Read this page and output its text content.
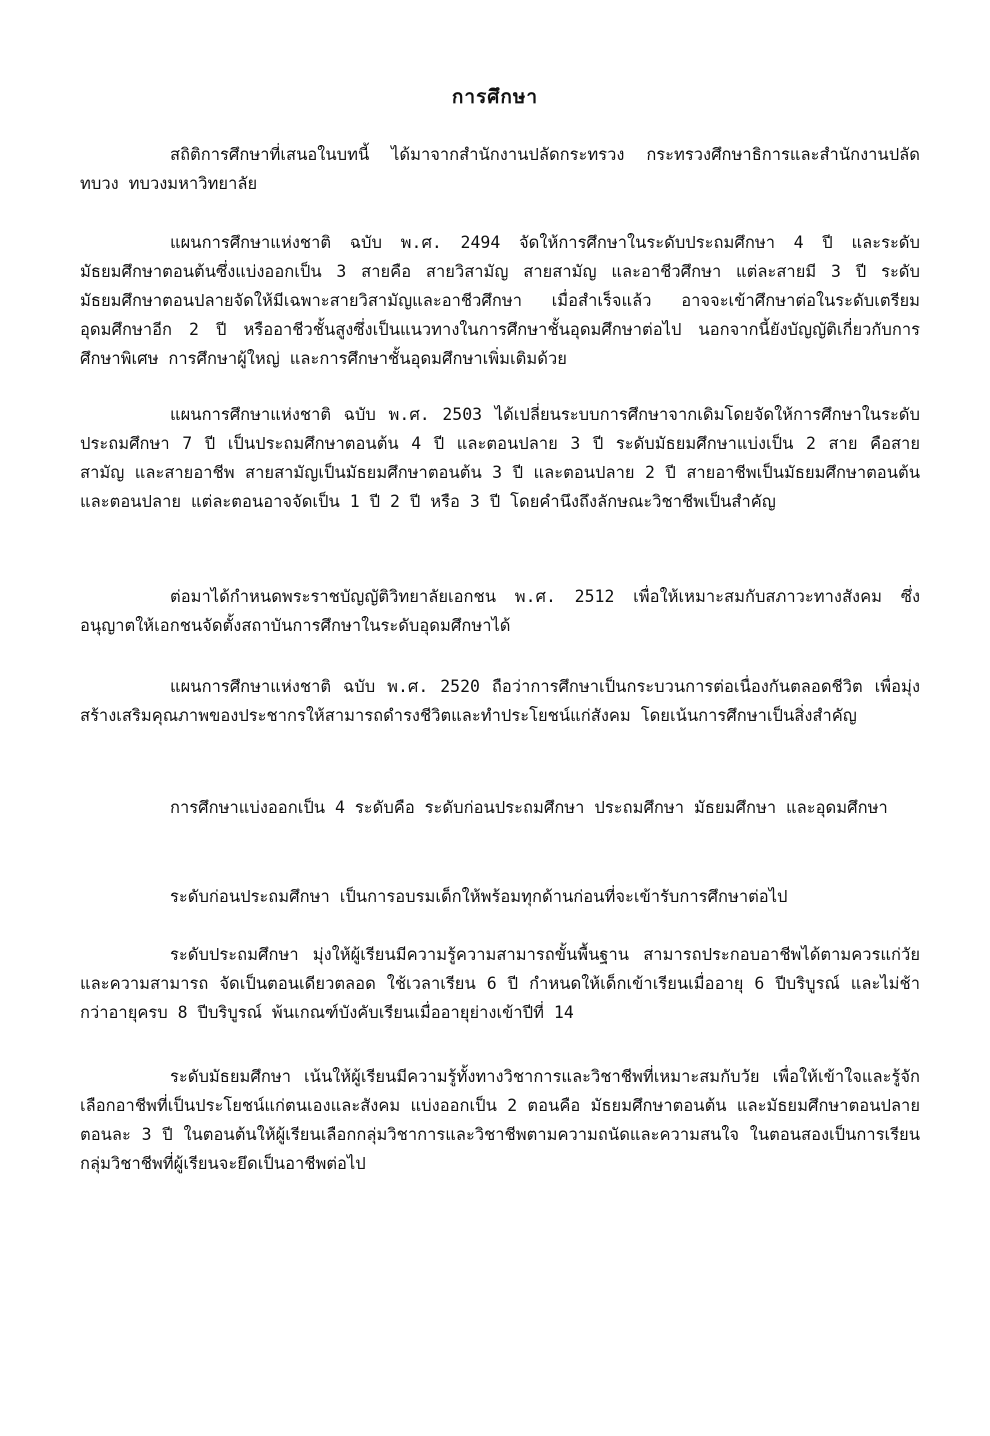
การศึกษา

สถิติการศึกษาที่เสนอในบทนี้ ได้มาจากสำนักงานปลัดกระทรวง กระทรวงศึกษาธิการและสำนักงานปลัดทบวง ทบวงมหาวิทยาลัย

แผนการศึกษาแห่งชาติ ฉบับ พ.ศ. 2494 จัดให้การศึกษาในระดับประถมศึกษา 4 ปี และระดับมัธยมศึกษาตอนต้นซึ่งแบ่งออกเป็น 3 สายคือ สายวิสามัญ สายสามัญ และอาชีวศึกษา แต่ละสายมี 3 ปี ระดับมัธยมศึกษาตอนปลายจัดให้มีเฉพาะสายวิสามัญและอาชีวศึกษา เมื่อสำเร็จแล้ว อาจจะเข้าศึกษาต่อในระดับเตรียมอุดมศึกษาอีก 2 ปี หรืออาชีวชั้นสูงซึ่งเป็นแนวทางในการศึกษาชั้นอุดมศึกษาต่อไป นอกจากนี้ยังบัญญัติเกี่ยวกับการศึกษาพิเศษ การศึกษาผู้ใหญ่ และการศึกษาชั้นอุดมศึกษาเพิ่มเติมด้วย

แผนการศึกษาแห่งชาติ ฉบับ พ.ศ. 2503 ได้เปลี่ยนระบบการศึกษาจากเดิมโดยจัดให้การศึกษาในระดับประถมศึกษา 7 ปี เป็นประถมศึกษาตอนต้น 4 ปี และตอนปลาย 3 ปี ระดับมัธยมศึกษาแบ่งเป็น 2 สาย คือสายสามัญ และสายอาชีพ สายสามัญเป็นมัธยมศึกษาตอนต้น 3 ปี และตอนปลาย 2 ปี สายอาชีพเป็นมัธยมศึกษาตอนต้นและตอนปลาย แต่ละตอนอาจจัดเป็น 1 ปี 2 ปี หรือ 3 ปี โดยคำนึงถึงลักษณะวิชาชีพเป็นสำคัญ

ต่อมาได้กำหนดพระราชบัญญัติวิทยาลัยเอกชน พ.ศ. 2512 เพื่อให้เหมาะสมกับสภาวะทางสังคม ซึ่งอนุญาตให้เอกชนจัดตั้งสถาบันการศึกษาในระดับอุดมศึกษาได้

แผนการศึกษาแห่งชาติ ฉบับ พ.ศ. 2520 ถือว่าการศึกษาเป็นกระบวนการต่อเนื่องกันตลอดชีวิต เพื่อมุ่งสร้างเสริมคุณภาพของประชากรให้สามารถดำรงชีวิตและทำประโยชน์แก่สังคม โดยเน้นการศึกษาเป็นสิ่งสำคัญ

การศึกษาแบ่งออกเป็น 4 ระดับคือ ระดับก่อนประถมศึกษา ประถมศึกษา มัธยมศึกษา และอุดมศึกษา

ระดับก่อนประถมศึกษา เป็นการอบรมเด็กให้พร้อมทุกด้านก่อนที่จะเข้ารับการศึกษาต่อไป

ระดับประถมศึกษา มุ่งให้ผู้เรียนมีความรู้ความสามารถขั้นพื้นฐาน สามารถประกอบอาชีพได้ตามควรแก่วัยและความสามารถ จัดเป็นตอนเดียวตลอด ใช้เวลาเรียน 6 ปี กำหนดให้เด็กเข้าเรียนเมื่ออายุ 6 ปีบริบูรณ์ และไม่ช้ากว่าอายุครบ 8 ปีบริบูรณ์ พ้นเกณฑ์บังคับเรียนเมื่ออายุย่างเข้าปีที่ 14

ระดับมัธยมศึกษา เน้นให้ผู้เรียนมีความรู้ทั้งทางวิชาการและวิชาชีพที่เหมาะสมกับวัย เพื่อให้เข้าใจและรู้จักเลือกอาชีพที่เป็นประโยชน์แก่ตนเองและสังคม แบ่งออกเป็น 2 ตอนคือ มัธยมศึกษาตอนต้น และมัธยมศึกษาตอนปลาย ตอนละ 3 ปี ในตอนต้นให้ผู้เรียนเลือกกลุ่มวิชาการและวิชาชีพตามความถนัดและความสนใจ ในตอนสองเป็นการเรียนกลุ่มวิชาชีพที่ผู้เรียนจะยึดเป็นอาชีพต่อไป
